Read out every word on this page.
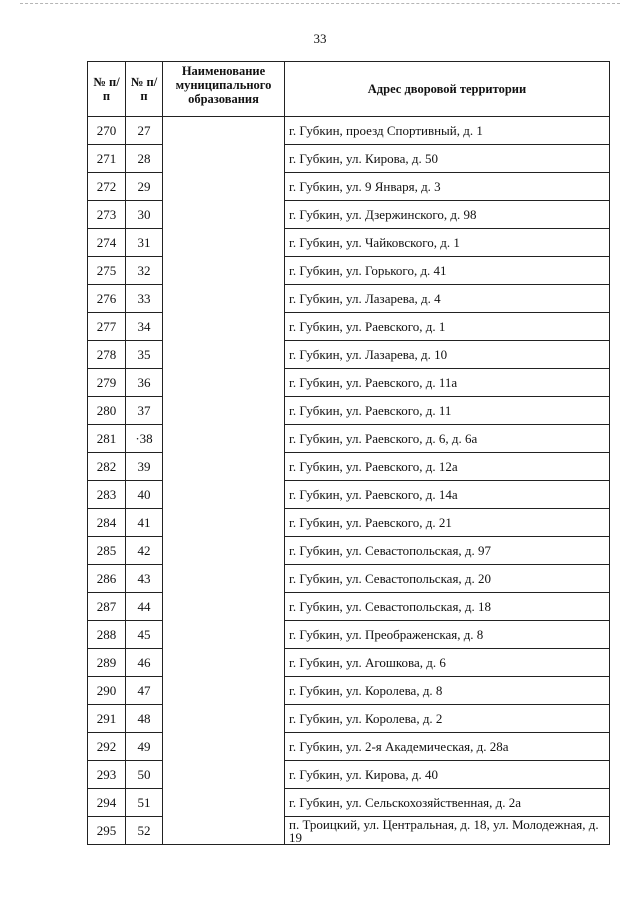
33
№ п/п	№ п/п	Наименование муниципального образования	Адрес дворовой территории
270	27		г. Губкин, проезд Спортивный, д. 1
271	28		г. Губкин, ул. Кирова, д. 50
272	29		г. Губкин, ул. 9 Января, д. 3
273	30		г. Губкин, ул. Дзержинского, д. 98
274	31		г. Губкин, ул. Чайковского, д. 1
275	32		г. Губкин, ул. Горького, д. 41
276	33		г. Губкин, ул. Лазарева, д. 4
277	34		г. Губкин, ул. Раевского, д. 1
278	35		г. Губкин, ул. Лазарева, д. 10
279	36		г. Губкин, ул. Раевского, д. 11а
280	37		г. Губкин, ул. Раевского, д. 11
281	·38		г. Губкин, ул. Раевского, д. 6, д. 6а
282	39		г. Губкин, ул. Раевского, д. 12а
283	40		г. Губкин, ул. Раевского, д. 14а
284	41		г. Губкин, ул. Раевского, д. 21
285	42		г. Губкин, ул. Севастопольская, д. 97
286	43		г. Губкин, ул. Севастопольская, д. 20
287	44		г. Губкин, ул. Севастопольская, д. 18
288	45		г. Губкин, ул. Преображенская, д. 8
289	46		г. Губкин, ул. Агошкова, д. 6
290	47		г. Губкин, ул. Королева, д. 8
291	48		г. Губкин, ул. Королева, д. 2
292	49		г. Губкин, ул. 2-я Академическая, д. 28а
293	50		г. Губкин, ул. Кирова, д. 40
294	51		г. Губкин, ул. Сельскохозяйственная, д. 2а
295	52		п. Троицкий, ул. Центральная, д. 18, ул. Молодежная, д. 19
